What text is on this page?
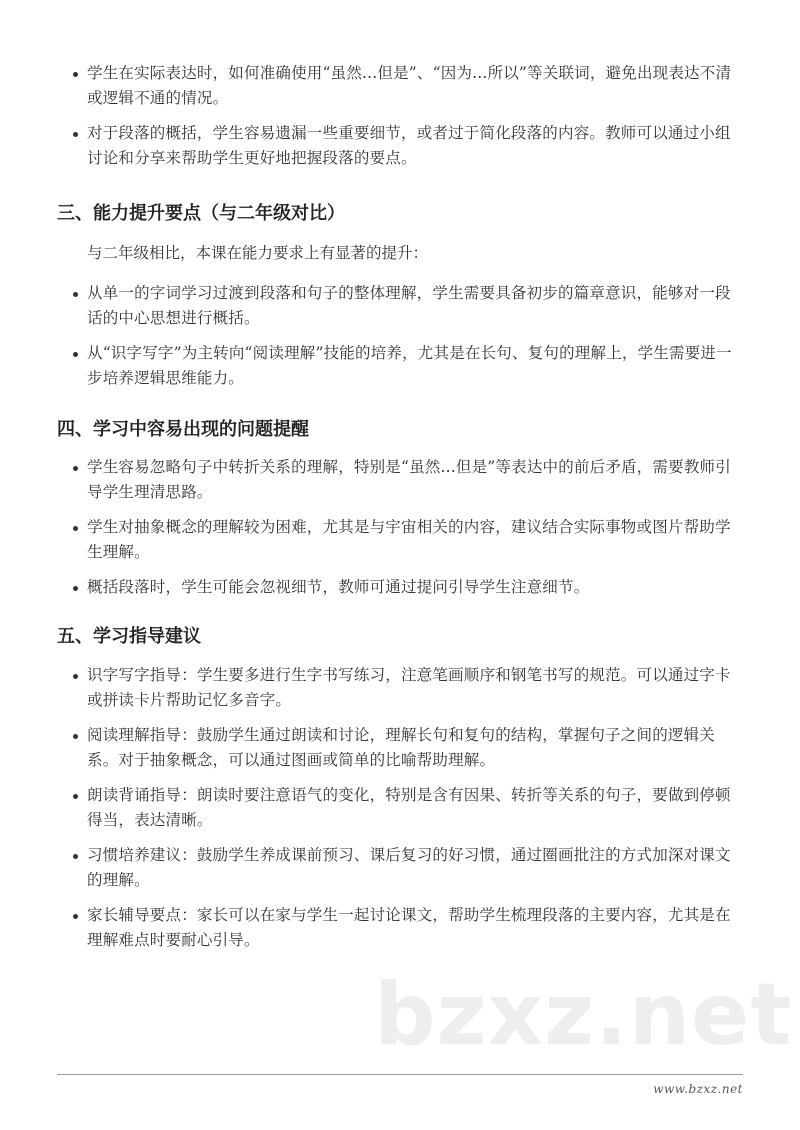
bzxz.net
学生在实际表达时，如何准确使用“虽然...但是”、“因为...所以”等关联词，避免出现表达不清或逻辑不通的情况。
对于段落的概括，学生容易遗漏一些重要细节，或者过于简化段落的内容。教师可以通过小组讨论和分享来帮助学生更好地把握段落的要点。
三、能力提升要点（与二年级对比）

与二年级相比，本课在能力要求上有显著的提升：

从单一的字词学习过渡到段落和句子的整体理解，学生需要具备初步的篇章意识，能够对一段话的中心思想进行概括。
从“识字写字”为主转向“阅读理解”技能的培养，尤其是在长句、复句的理解上，学生需要进一步培养逻辑思维能力。
四、学习中容易出现的问题提醒
学生容易忽略句子中转折关系的理解，特别是“虽然...但是”等表达中的前后矛盾，需要教师引导学生理清思路。
学生对抽象概念的理解较为困难，尤其是与宇宙相关的内容，建议结合实际事物或图片帮助学生理解。
概括段落时，学生可能会忽视细节，教师可通过提问引导学生注意细节。
五、学习指导建议
识字写字指导：学生要多进行生字书写练习，注意笔画顺序和钢笔书写的规范。可以通过字卡或拼读卡片帮助记忆多音字。
阅读理解指导：鼓励学生通过朗读和讨论，理解长句和复句的结构，掌握句子之间的逻辑关系。对于抽象概念，可以通过图画或简单的比喻帮助理解。
朗读背诵指导：朗读时要注意语气的变化，特别是含有因果、转折等关系的句子，要做到停顿得当，表达清晰。
习惯培养建议：鼓励学生养成课前预习、课后复习的好习惯，通过圈画批注的方式加深对课文的理解。
家长辅导要点：家长可以在家与学生一起讨论课文，帮助学生梳理段落的主要内容，尤其是在理解难点时要耐心引导。
www.bzxz.net
